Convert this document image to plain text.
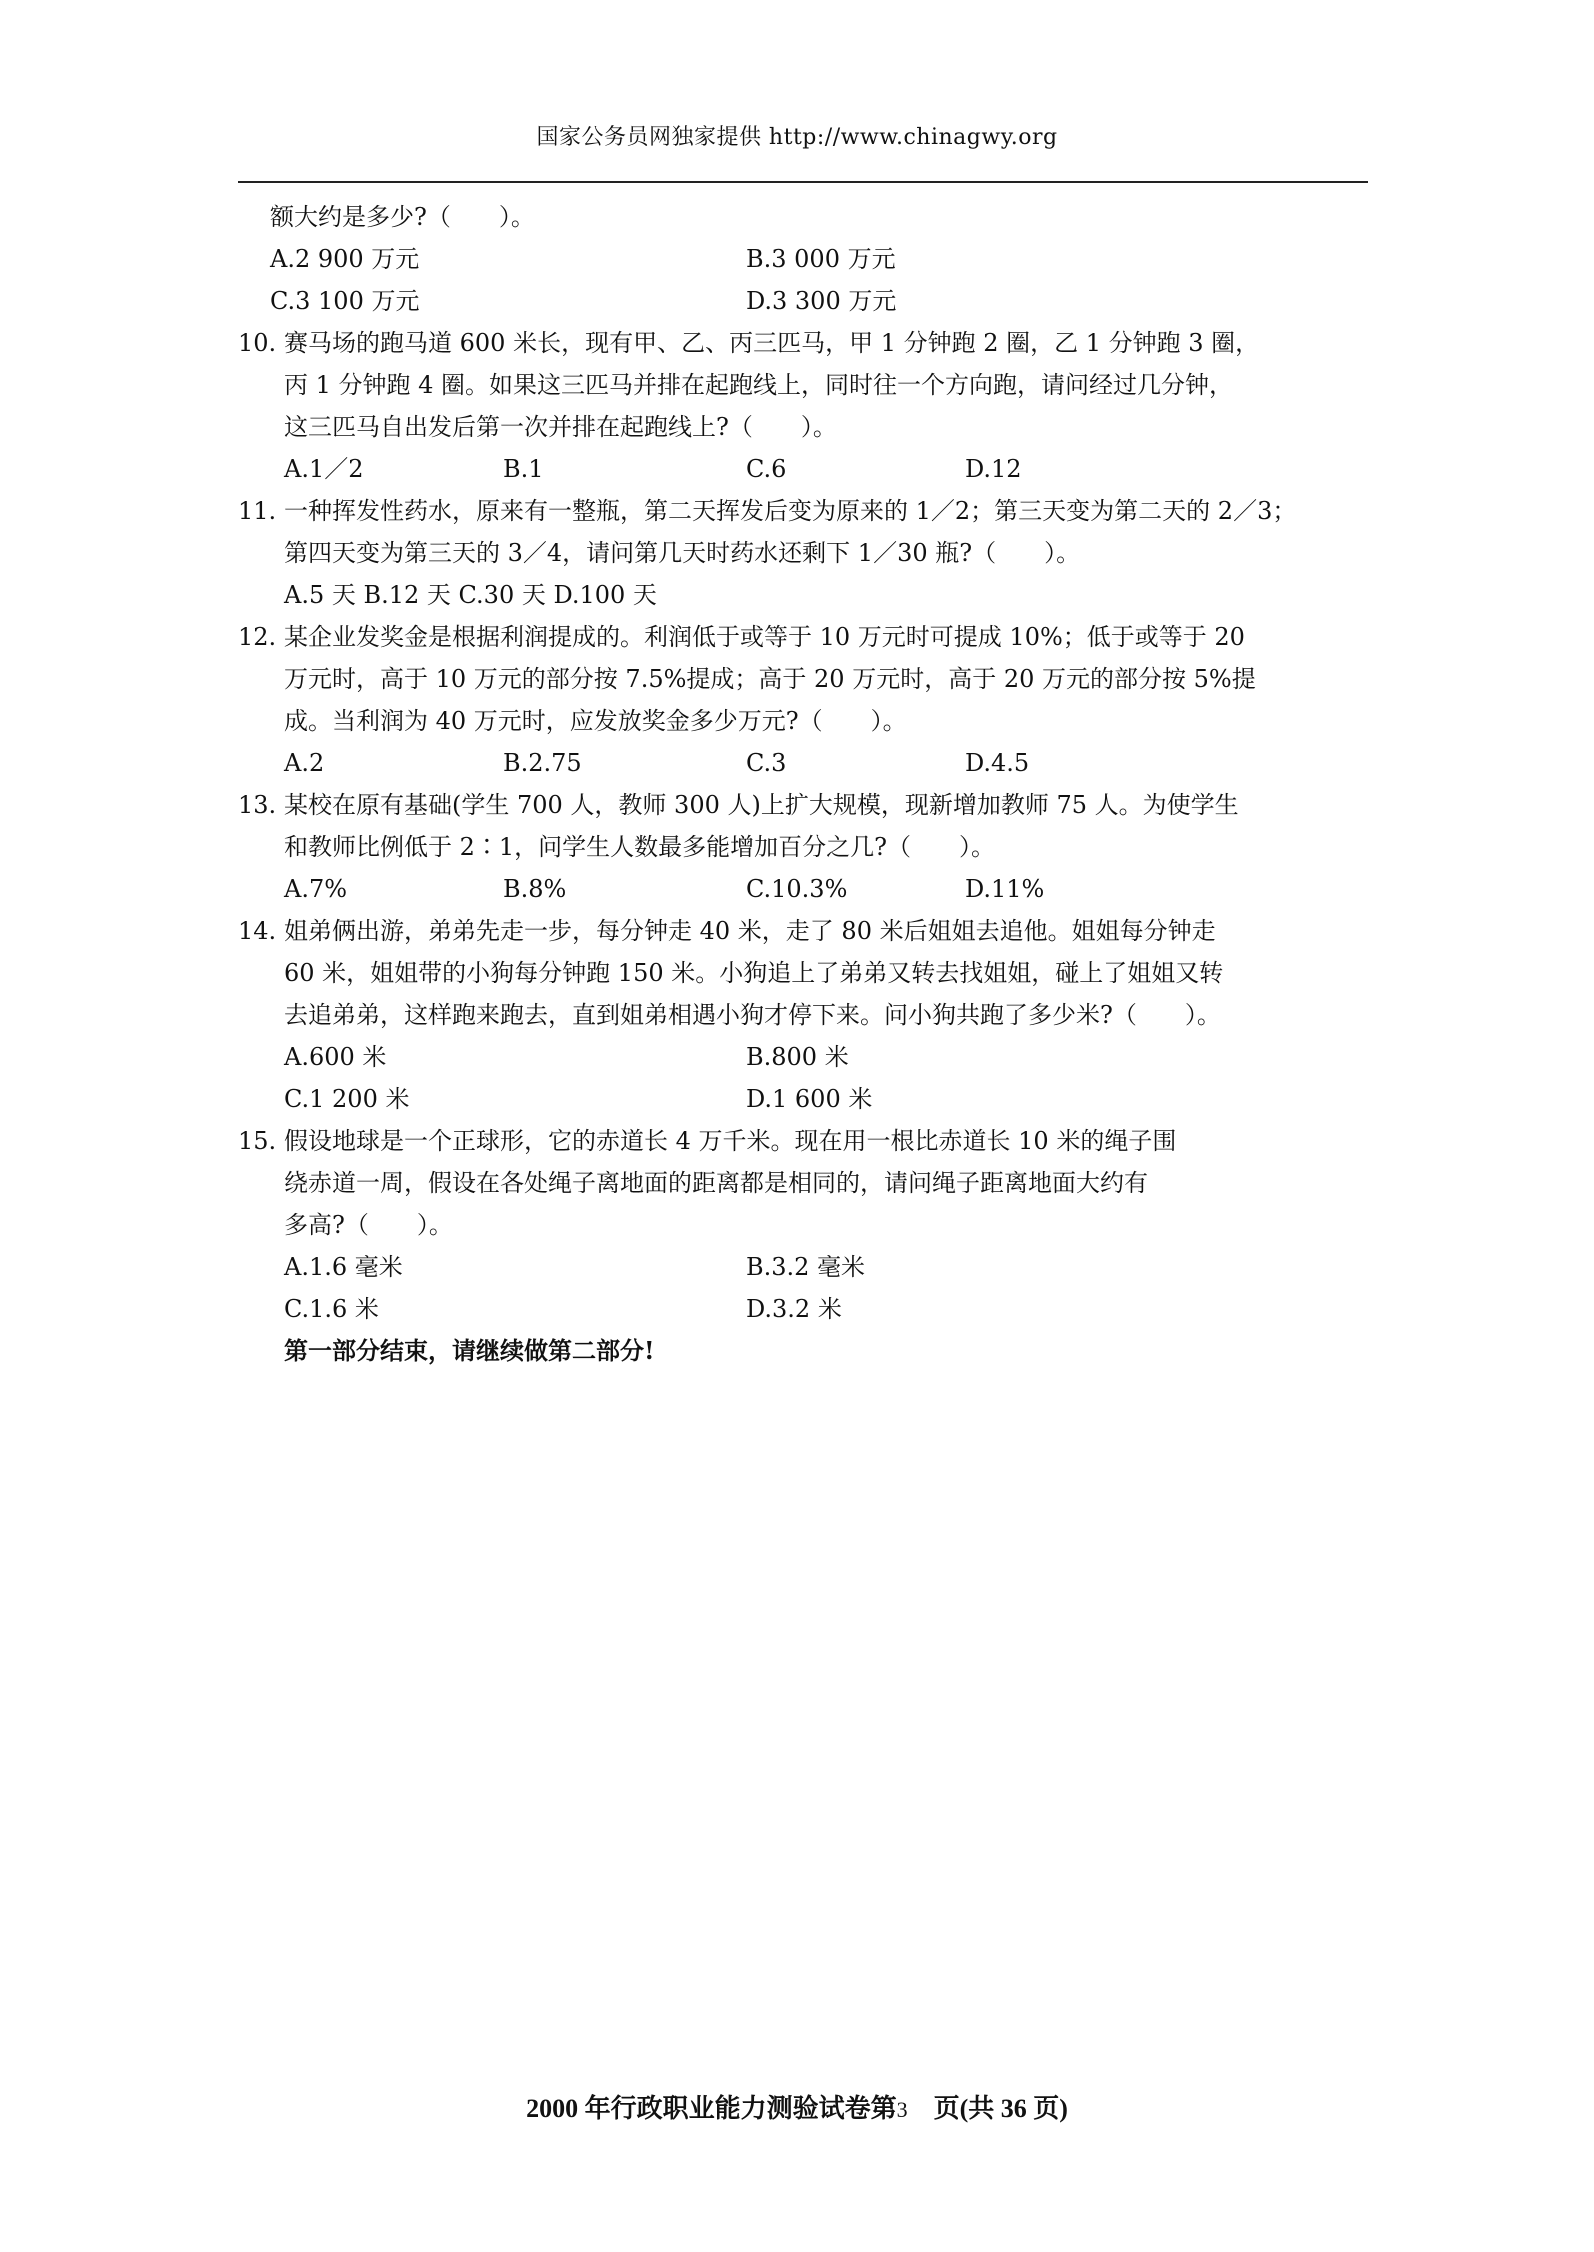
国家公务员网独家提供 http://www.chinagwy.org
额大约是多少?（　　）。
A.2 900 万元	B.3 000 万元
C.3 100 万元	D.3 300 万元
10. 赛马场的跑马道 600 米长，现有甲、乙、丙三匹马，甲 1 分钟跑 2 圈，乙 1 分钟跑 3 圈，
丙 1 分钟跑 4 圈。如果这三匹马并排在起跑线上，同时往一个方向跑，请问经过几分钟，
这三匹马自出发后第一次并排在起跑线上?（　　）。
A.1／2	B.1	C.6	D.12
11. 一种挥发性药水，原来有一整瓶，第二天挥发后变为原来的 1／2；第三天变为第二天的 2／3；
第四天变为第三天的 3／4，请问第几天时药水还剩下 1／30 瓶?（　　）。
A.5 天 B.12 天 C.30 天 D.100 天
12. 某企业发奖金是根据利润提成的。利润低于或等于 10 万元时可提成 10%；低于或等于 20
万元时，高于 10 万元的部分按 7.5%提成；高于 20 万元时，高于 20 万元的部分按 5%提
成。当利润为 40 万元时，应发放奖金多少万元?（　　）。
A.2	B.2.75	C.3	D.4.5
13. 某校在原有基础(学生 700 人，教师 300 人)上扩大规模，现新增加教师 75 人。为使学生
和教师比例低于 2∶1，问学生人数最多能增加百分之几?（　　）。
A.7%	B.8%	C.10.3%	D.11%
14. 姐弟俩出游，弟弟先走一步，每分钟走 40 米，走了 80 米后姐姐去追他。姐姐每分钟走
60 米，姐姐带的小狗每分钟跑 150 米。小狗追上了弟弟又转去找姐姐，碰上了姐姐又转
去追弟弟，这样跑来跑去，直到姐弟相遇小狗才停下来。问小狗共跑了多少米?（　　）。
A.600 米	B.800 米
C.1 200 米	D.1 600 米
15. 假设地球是一个正球形，它的赤道长 4 万千米。现在用一根比赤道长 10 米的绳子围
绕赤道一周，假设在各处绳子离地面的距离都是相同的，请问绳子距离地面大约有
多高?（　　）。
A.1.6 毫米	B.3.2 毫米
C.1.6 米	D.3.2 米
第一部分结束，请继续做第二部分!
2000 年行政职业能力测验试卷第3 页(共 36 页)
